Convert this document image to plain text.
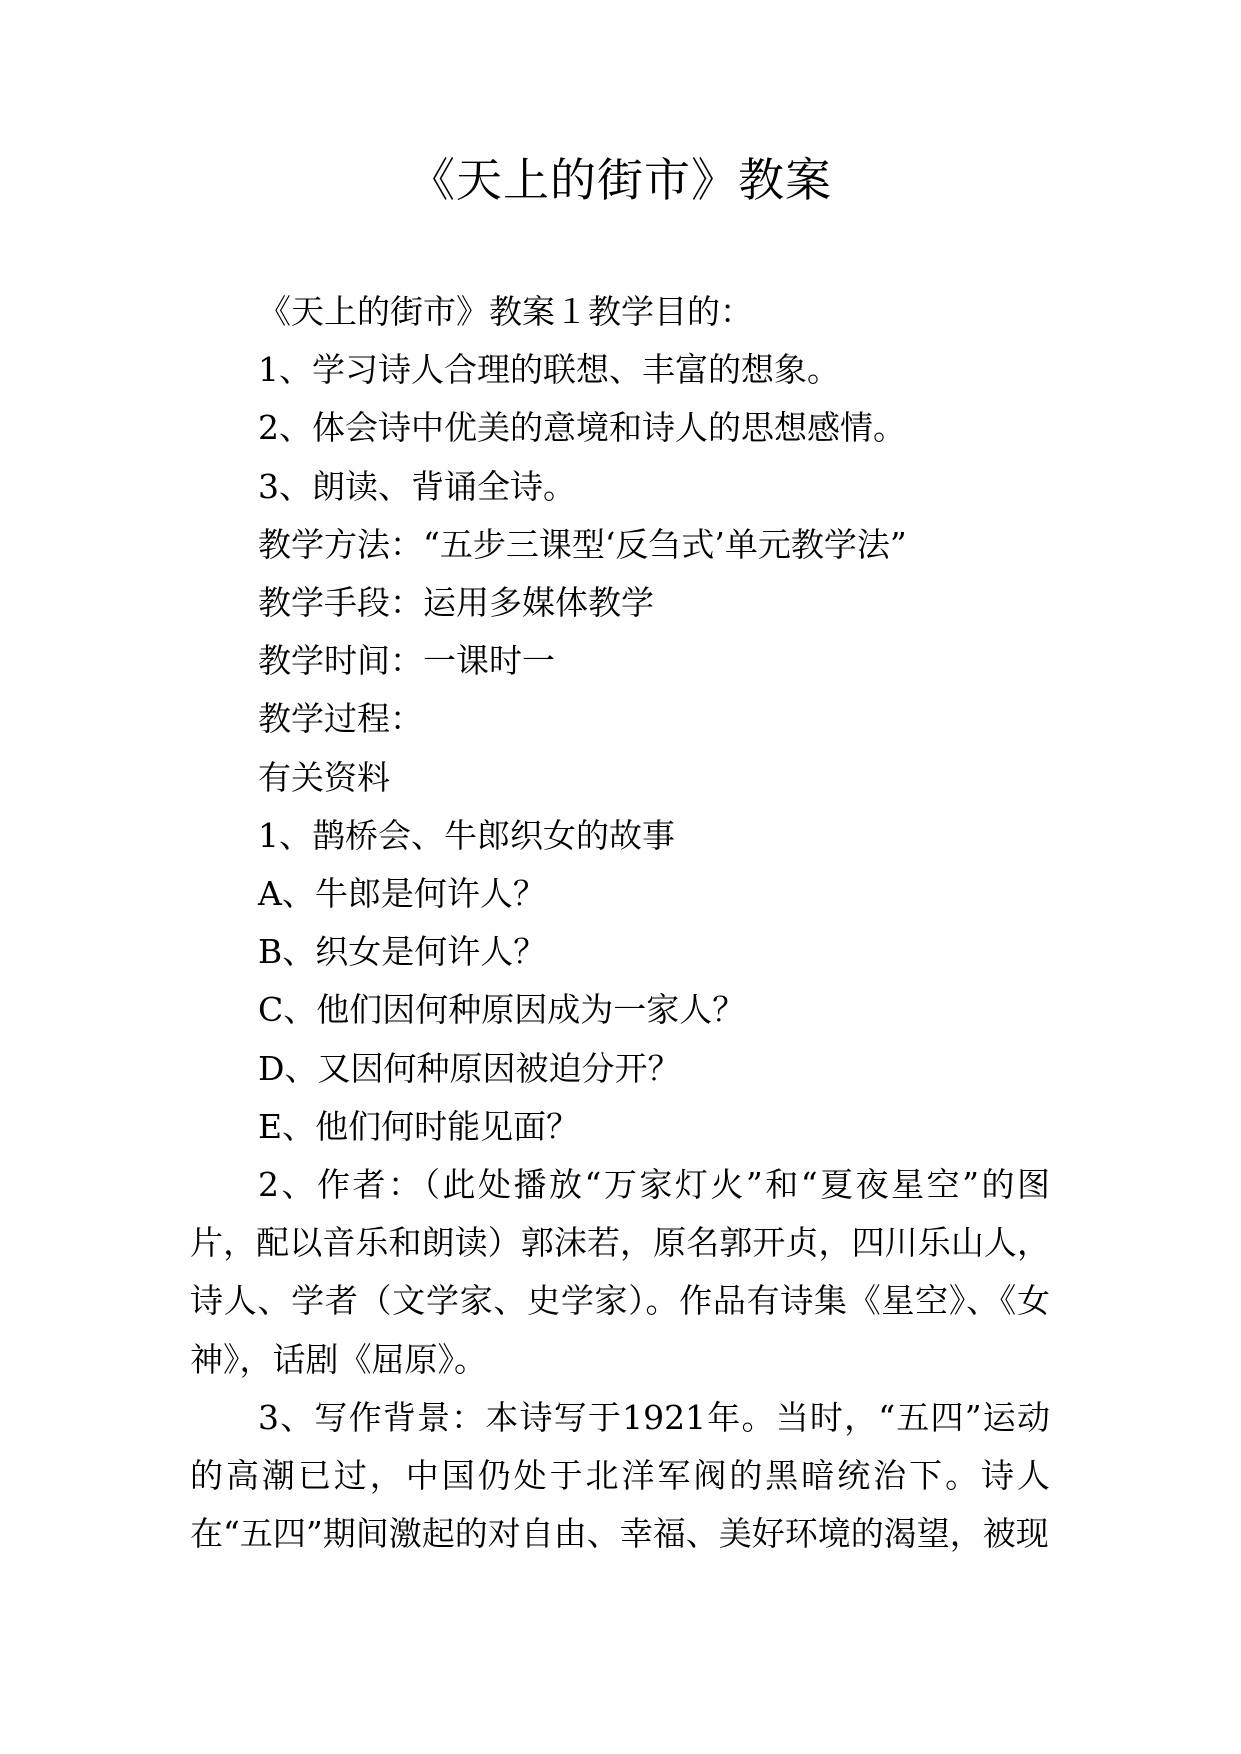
《天上的街市》教案

《天上的街市》教案１教学目的：

1、学习诗人合理的联想、丰富的想象。

2、体会诗中优美的意境和诗人的思想感情。

3、朗读、背诵全诗。

教学方法：“五步三课型‘反刍式’单元教学法”

教学手段：运用多媒体教学

教学时间：一课时一

教学过程：

有关资料

1、鹊桥会、牛郎织女的故事

A、牛郎是何许人？

B、织女是何许人？

C、他们因何种原因成为一家人？

D、又因何种原因被迫分开？

E、他们何时能见面？

2、作者：（此处播放“万家灯火”和“夏夜星空”的图片，配以音乐和朗读）郭沫若，原名郭开贞，四川乐山人，诗人、学者（文学家、史学家）。作品有诗集《星空》、《女神》，话剧《屈原》。

3、写作背景：本诗写于1921年。当时，“五四”运动的高潮已过，中国仍处于北洋军阀的黑暗统治下。诗人在“五四”期间激起的对自由、幸福、美好环境的渴望，被现
